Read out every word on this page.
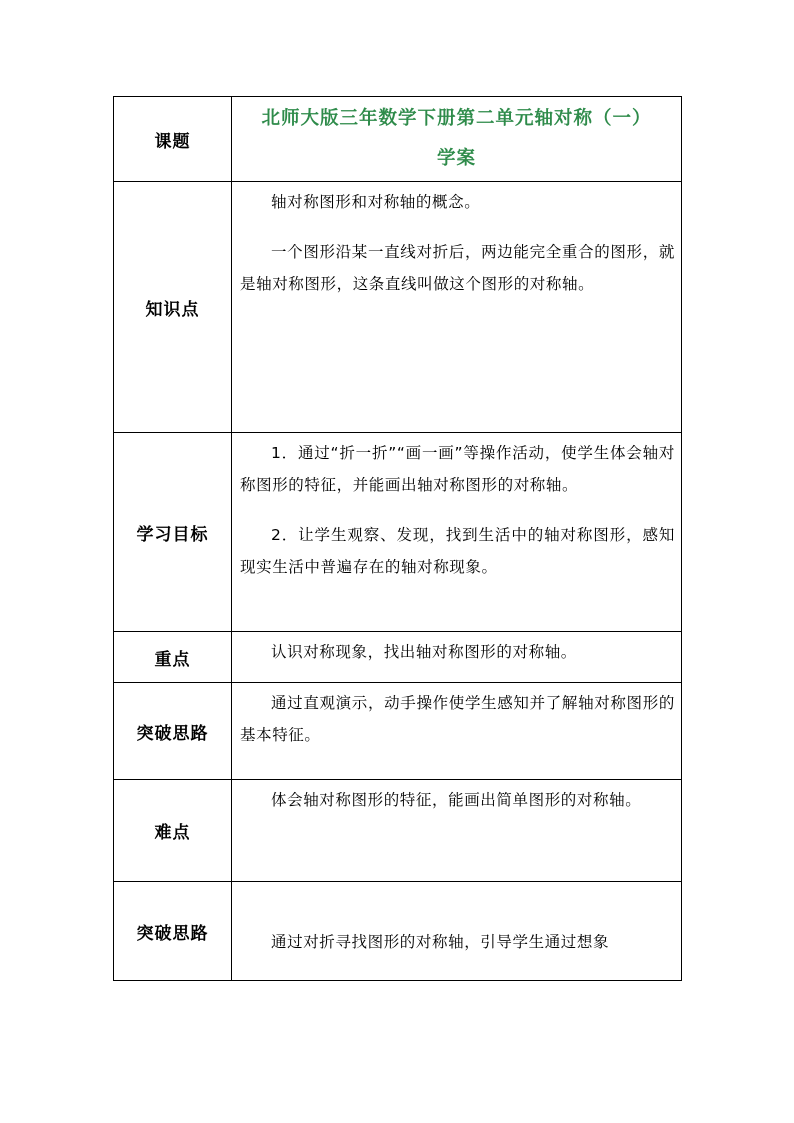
课题	北师大版三年数学下册第二单元轴对称（一）
学案

知识点	轴对称图形和对称轴的概念。

一个图形沿某一直线对折后，两边能完全重合的图形，就是轴对称图形，这条直线叫做这个图形的对称轴。

学习目标	1．通过“折一折”“画一画”等操作活动，使学生体会轴对称图形的特征，并能画出轴对称图形的对称轴。

2．让学生观察、发现，找到生活中的轴对称图形，感知现实生活中普遍存在的轴对称现象。

重点	认识对称现象，找出轴对称图形的对称轴。

突破思路	通过直观演示，动手操作使学生感知并了解轴对称图形的基本特征。

难点	体会轴对称图形的特征，能画出简单图形的对称轴。

突破思路	通过对折寻找图形的对称轴，引导学生通过想象
